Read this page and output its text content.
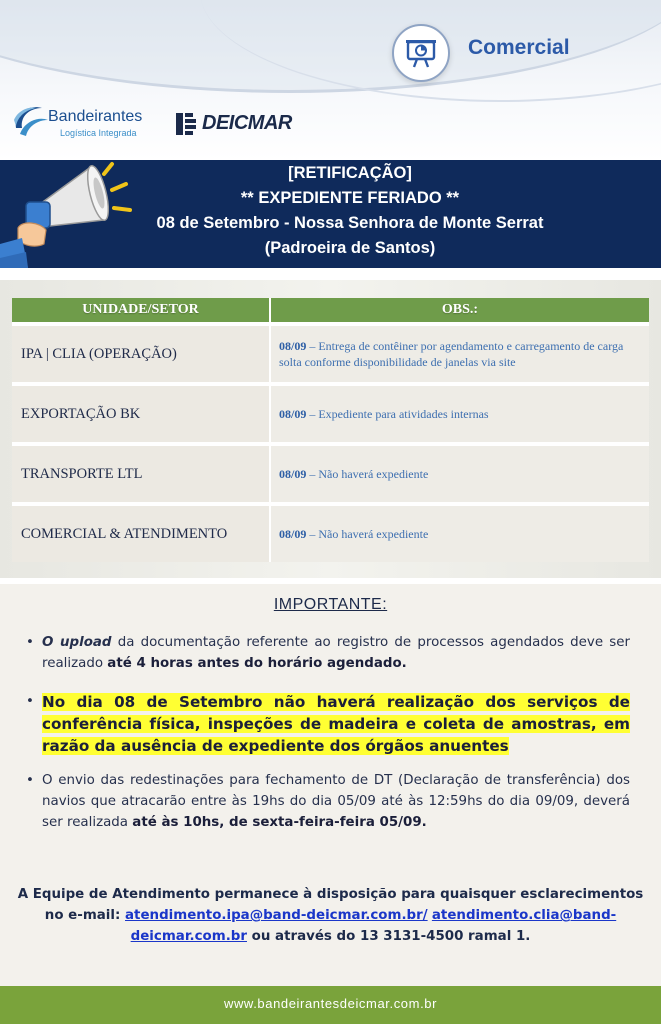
Comercial
Bandeirantes
Logística Integrada	DEICMAR
[RETIFICAÇÃO]
** EXPEDIENTE FERIADO **
08 de Setembro - Nossa Senhora de Monte Serrat
(Padroeira de Santos)
UNIDADE/SETOR	OBS.:
IPA | CLIA (OPERAÇÃO)	08/09 – Entrega de contêiner por agendamento e carregamento de carga solta conforme disponibilidade de janelas via site
EXPORTAÇÃO BK	08/09 – Expediente para atividades internas
TRANSPORTE LTL	08/09 – Não haverá expediente
COMERCIAL & ATENDIMENTO	08/09 – Não haverá expediente
IMPORTANTE:
• O upload da documentação referente ao registro de processos agendados deve ser realizado até 4 horas antes do horário agendado.
• No dia 08 de Setembro não haverá realização dos serviços de conferência física, inspeções de madeira e coleta de amostras, em razão da ausência de expediente dos órgãos anuentes
• O envio das redestinações para fechamento de DT (Declaração de transferência) dos navios que atracarão entre às 19hs do dia 05/09 até às 12:59hs do dia 09/09, deverá ser realizada até às 10hs, de sexta-feira-feira 05/09.
A Equipe de Atendimento permanece à disposição para quaisquer esclarecimentos
no e-mail: atendimento.ipa@band-deicmar.com.br/ atendimento.clia@band-deicmar.com.br ou através do 13 3131-4500 ramal 1.
www.bandeirantesdeicmar.com.br
